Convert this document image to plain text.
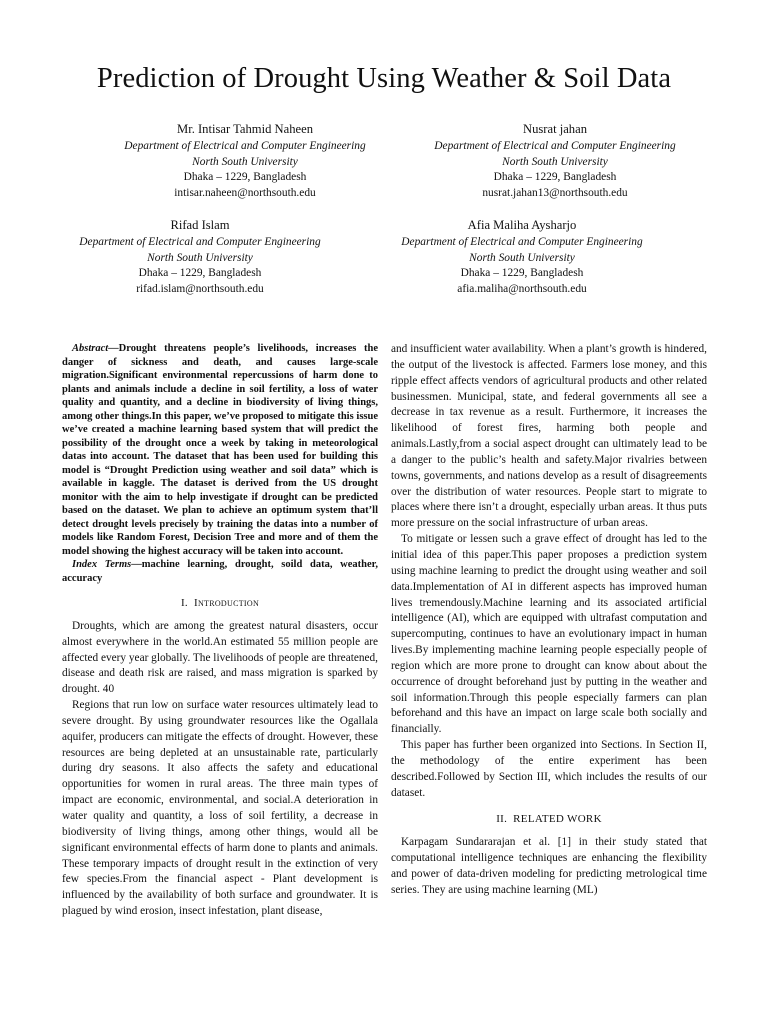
Prediction of Drought Using Weather & Soil Data
Mr. Intisar Tahmid Naheen
Department of Electrical and Computer Engineering
North South University
Dhaka – 1229, Bangladesh
intisar.naheen@northsouth.edu
Nusrat jahan
Department of Electrical and Computer Engineering
North South University
Dhaka – 1229, Bangladesh
nusrat.jahan13@northsouth.edu
Rifad Islam
Department of Electrical and Computer Engineering
North South University
Dhaka – 1229, Bangladesh
rifad.islam@northsouth.edu
Afia Maliha Aysharjo
Department of Electrical and Computer Engineering
North South University
Dhaka – 1229, Bangladesh
afia.maliha@northsouth.edu

Abstract—Drought threatens people’s livelihoods, increases the danger of sickness and death, and causes large-scale migration.Significant environmental repercussions of harm done to plants and animals include a decline in soil fertility, a loss of water quality and quantity, and a decline in biodiversity of living things, among other things.In this paper, we’ve proposed to mitigate this issue we’ve created a machine learning based system that will predict the possibility of the drought once a week by taking in meteorological datas into account. The dataset that has been used for building this model is “Drought Prediction using weather and soil data” which is available in kaggle. The dataset is derived from the US drought monitor with the aim to help investigate if drought can be predicted based on the dataset. We plan to achieve an optimum system that’ll detect drought levels precisely by training the datas into a number of models like Random Forest, Decision Tree and more and of them the model showing the highest accuracy will be taken into account.

Index Terms—machine learning, drought, soild data, weather, accuracy

I. Introduction

Droughts, which are among the greatest natural disasters, occur almost everywhere in the world.An estimated 55 million people are affected every year globally. The livelihoods of people are threatened, disease and death risk are raised, and mass migration is sparked by drought. 40

Regions that run low on surface water resources ultimately lead to severe drought. By using groundwater resources like the Ogallala aquifer, producers can mitigate the effects of drought. However, these resources are being depleted at an unsustainable rate, particularly during dry seasons. It also affects the safety and educational opportunities for women in rural areas. The three main types of impact are economic, environmental, and social.A deterioration in water quality and quantity, a loss of soil fertility, a decrease in biodiversity of living things, among other things, would all be significant environmental effects of harm done to plants and animals. These temporary impacts of drought result in the extinction of very few species.From the financial aspect - Plant development is influenced by the availability of both surface and groundwater. It is plagued by wind erosion, insect infestation, plant disease,

and insufficient water availability. When a plant’s growth is hindered, the output of the livestock is affected. Farmers lose money, and this ripple effect affects vendors of agricultural products and other related businessmen. Municipal, state, and federal governments all see a decrease in tax revenue as a result. Furthermore, it increases the likelihood of forest fires, harming both people and animals.Lastly,from a social aspect drought can ultimately lead to be a danger to the public’s health and safety.Major rivalries between towns, governments, and nations develop as a result of disagreements over the distribution of water resources. People start to migrate to places where there isn’t a drought, especially urban areas. It thus puts more pressure on the social infrastructure of urban areas.

To mitigate or lessen such a grave effect of drought has led to the initial idea of this paper.This paper proposes a prediction system using machine learning to predict the drought using weather and soil data.Implementation of AI in different aspects has improved human lives tremendously.Machine learning and its associated artificial intelligence (AI), which are equipped with ultrafast computation and supercomputing, continues to have an evolutionary impact in human lives.By implementing machine learning people especially people of region which are more prone to drought can know about about the occurrence of drought beforehand just by putting in the weather and soil information.Through this people especially farmers can plan beforehand and this have an impact on large scale both socially and financially.

This paper has further been organized into Sections. In Section II, the methodology of the entire experiment has been described.Followed by Section III, which includes the results of our dataset.

II. RELATED WORK

Karpagam Sundararajan et al. [1] in their study stated that computational intelligence techniques are enhancing the flexibility and power of data-driven modeling for predicting metrological time series. They are using machine learning (ML)
